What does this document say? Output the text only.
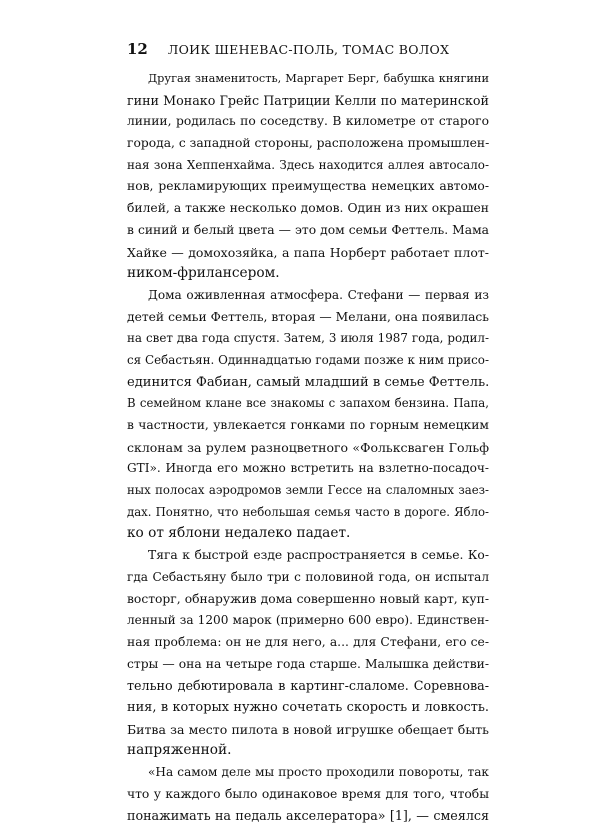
12 ЛОИК ШЕНЕВАС-ПОЛЬ, ТОМАС ВОЛОХ
Другая знаменитость, Маргарет Берг, бабушка княгини
гини Монако Грейс Патриции Келли по материнской
линии, родилась по соседству. В километре от старого
города, с западной стороны, расположена промышлен-
ная зона Хеппенхайма. Здесь находится аллея автосало-
нов, рекламирующих преимущества немецких автомо-
билей, а также несколько домов. Один из них окрашен
в синий и белый цвета — это дом семьи Феттель. Мама
Хайке — домохозяйка, а папа Норберт работает плот-
ником-фрилансером.
Дома оживленная атмосфера. Стефани — первая из
детей семьи Феттель, вторая — Мелани, она появилась
на свет два года спустя. Затем, 3 июля 1987 года, родил-
ся Себастьян. Одиннадцатью годами позже к ним присо-
единится Фабиан, самый младший в семье Феттель.
В семейном клане все знакомы с запахом бензина. Папа,
в частности, увлекается гонками по горным немецким
склонам за рулем разноцветного «Фольксваген Гольф
GTI». Иногда его можно встретить на взлетно-посадоч-
ных полосах аэродромов земли Гессе на слаломных заез-
дах. Понятно, что небольшая семья часто в дороге. Ябло-
ко от яблони недалеко падает.
Тяга к быстрой езде распространяется в семье. Ко-
гда Себастьяну было три с половиной года, он испытал
восторг, обнаружив дома совершенно новый карт, куп-
ленный за 1200 марок (примерно 600 евро). Единствен-
ная проблема: он не для него, а... для Стефани, его се-
стры — она на четыре года старше. Малышка действи-
тельно дебютировала в картинг-слаломе. Соревнова-
ния, в которых нужно сочетать скорость и ловкость.
Битва за место пилота в новой игрушке обещает быть
напряженной.
«На самом деле мы просто проходили повороты, так
что у каждого было одинаковое время для того, чтобы
понажимать на педаль акселератора» [1], — смеялся
